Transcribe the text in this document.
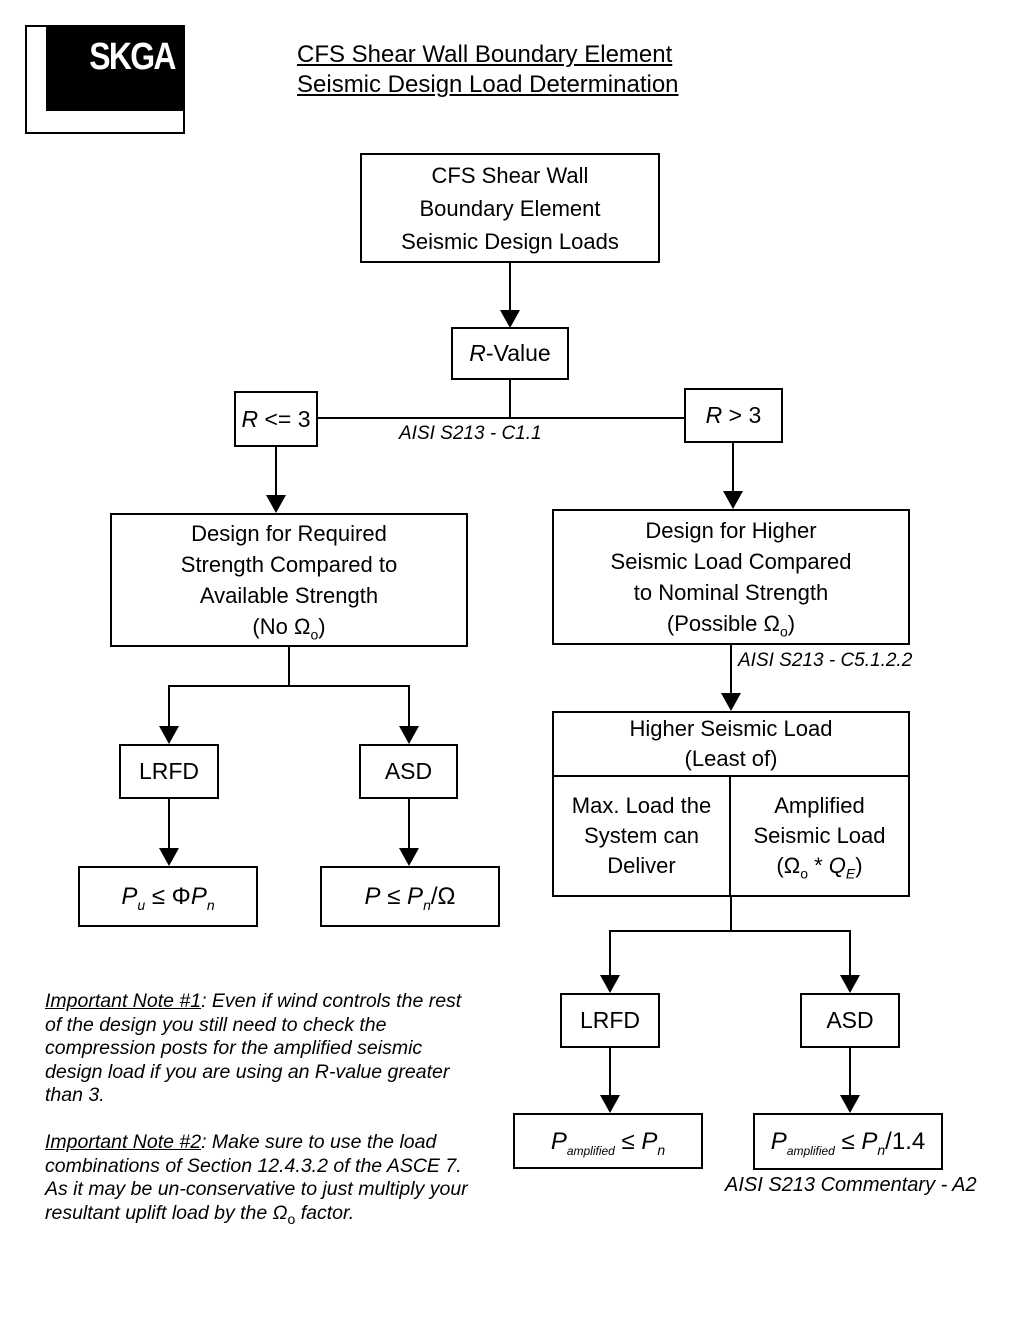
SKGA	CFS Shear Wall Boundary Element
Seismic Design Load Determination
CFS Shear Wall
Boundary Element
Seismic Design Loads
R-Value
R <= 3	R > 3
AISI S213 - C1.1
Design for Required
Strength Compared to
Available Strength
(No $\Omega_o$)
Design for Higher
Seismic Load Compared
to Nominal Strength
(Possible $\Omega_o$)
AISI S213 - C5.1.2.2
LRFD	ASD
$P_u \le \Phi P_n$	$P \le P_n/\Omega$
Higher Seismic Load
(Least of)
Max. Load the
System can
Deliver
Amplified
Seismic Load
$(\Omega_o * Q_E)$
LRFD	ASD
$P_{amplified} \le P_n$	$P_{amplified} \le P_n/1.4$
AISI S213 Commentary - A2
Important Note #1: Even if wind controls the rest of the design you still need to check the compression posts for the amplified seismic design load if you are using an R-value greater than 3.
Important Note #2: Make sure to use the load combinations of Section 12.4.3.2 of the ASCE 7. As it may be un-conservative to just multiply your resultant uplift load by the $\Omega_o$ factor.
